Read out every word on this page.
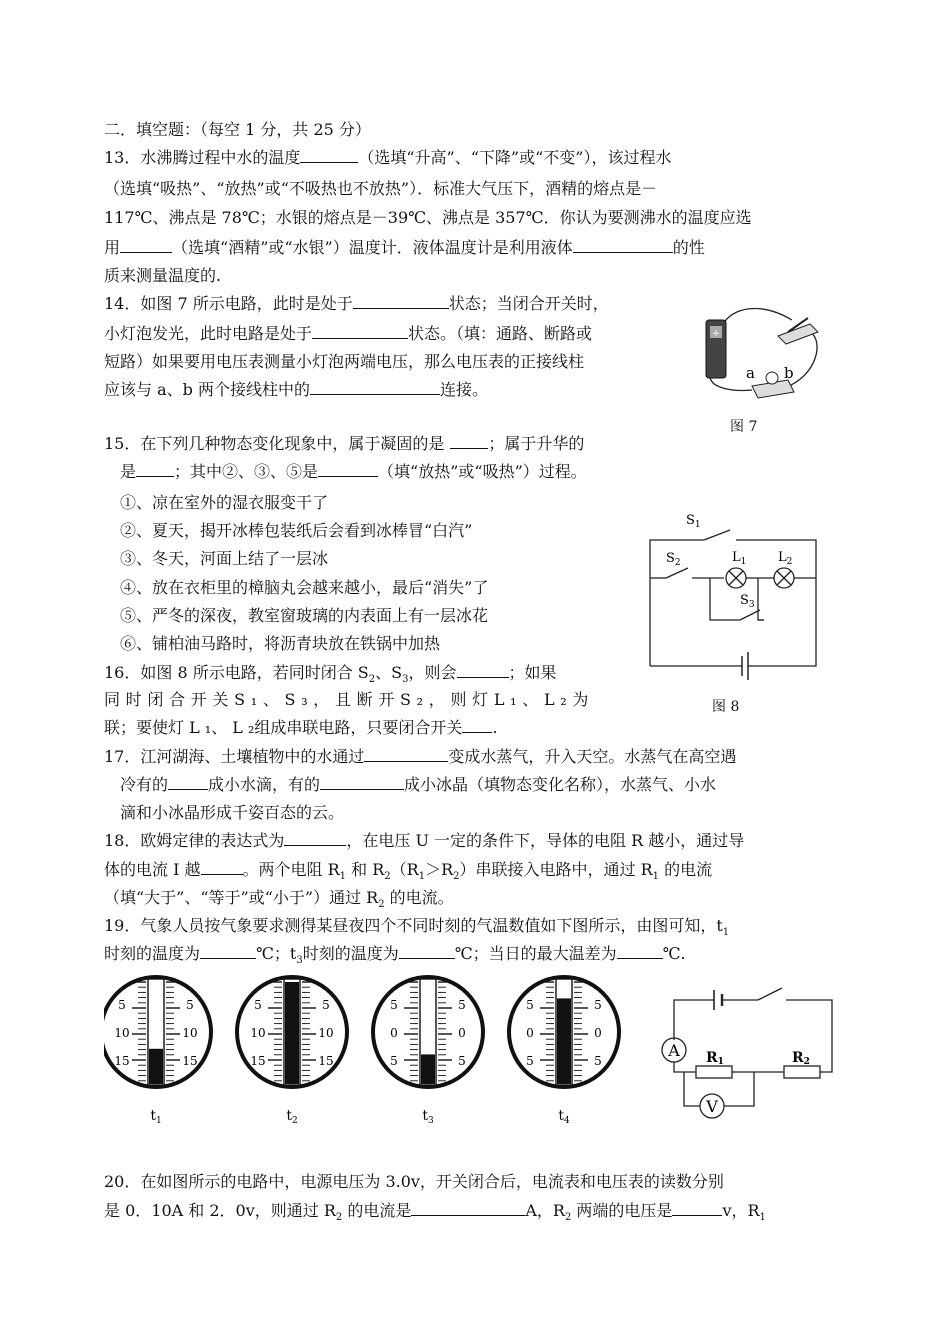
二．填空题：（每空 1 分，共 25 分）
13．水沸腾过程中水的温度	（选填“升高”、“下降”或“不变”），该过程水
（选填“吸热”、“放热”或“不吸热也不放热”）．标准大气压下，酒精的熔点是－
117℃、沸点是 78℃；水银的熔点是－39℃、沸点是 357℃．你认为要测沸水的温度应选
用	（选填“酒精”或“水银”）温度计．液体温度计是利用液体	的性
质来测量温度的.
14．如图 7 所示电路，此时是处于	状态；当闭合开关时，
小灯泡发光，此时电路是处于	状态。（填：通路、断路或
短路）如果要用电压表测量小灯泡两端电压，那么电压表的正接线柱
应该与 a、b 两个接线柱中的	连接。
+
a b
图 7
15．在下列几种物态变化现象中，属于凝固的是	；属于升华的
是 ；其中②、③、⑤是	（填“放热”或“吸热”）过程。
①、凉在室外的湿衣服变干了
②、夏天，揭开冰棒包装纸后会看到冰棒冒“白汽”
③、冬天，河面上结了一层冰
④、放在衣柜里的樟脑丸会越来越小，最后“消失”了
⑤、严冬的深夜，教室窗玻璃的内表面上有一层冰花
⑥、铺柏油马路时，将沥青块放在铁锅中加热
$S_1$
$S_2$	$L_1$ $L_2$
$S_3$
图 8
16．如图 8 所示电路，若同时闭合 $S_2$、$S_3$，则会	；如果
同 时 闭 合 开 关 S ₁ 、 S ₃ ， 且 断 开 S ₂ ， 则 灯 L ₁ 、 L ₂ 为
联；要使灯 L ₁、 L ₂组成串联电路，只要闭合开关 .
17．江河湖海、土壤植物中的水通过	变成水蒸气，升入天空。水蒸气在高空遇
冷有的	成小水滴，有的	成小冰晶（填物态变化名称），水蒸气、小水
滴和小冰晶形成千姿百态的云。
18．欧姆定律的表达式为	，在电压 U 一定的条件下，导体的电阻 R 越小，通过导
体的电流 I 越	。两个电阻 $R_1$ 和 $R_2(R_1>R_2)$串联接入电路中，通过 $R_1$ 的电流
（填“大于”、“等于”或“小于”）通过 $R_2$ 的电流。
19．气象人员按气象要求测得某昼夜四个不同时刻的气温数值如下图所示，由图可知，$t_1$
时刻的温度为	℃；$t_3$时刻的温度为	℃；当日的最大温差为	℃.
5	5
10	10
15	15
$t_1$
5	5
10	10
15	15
$t_2$
5	5
0	0
5	5
$t_3$
5	5
0	0
5	5
$t_4$
A
V
R1	R2
20．在如图所示的电路中，电源电压为 3.0v，开关闭合后，电流表和电压表的读数分别
是 0．10A 和 2．0v，则通过 $R_2$ 的电流是	A，$R_2$ 两端的电压是	v，$R_1$
